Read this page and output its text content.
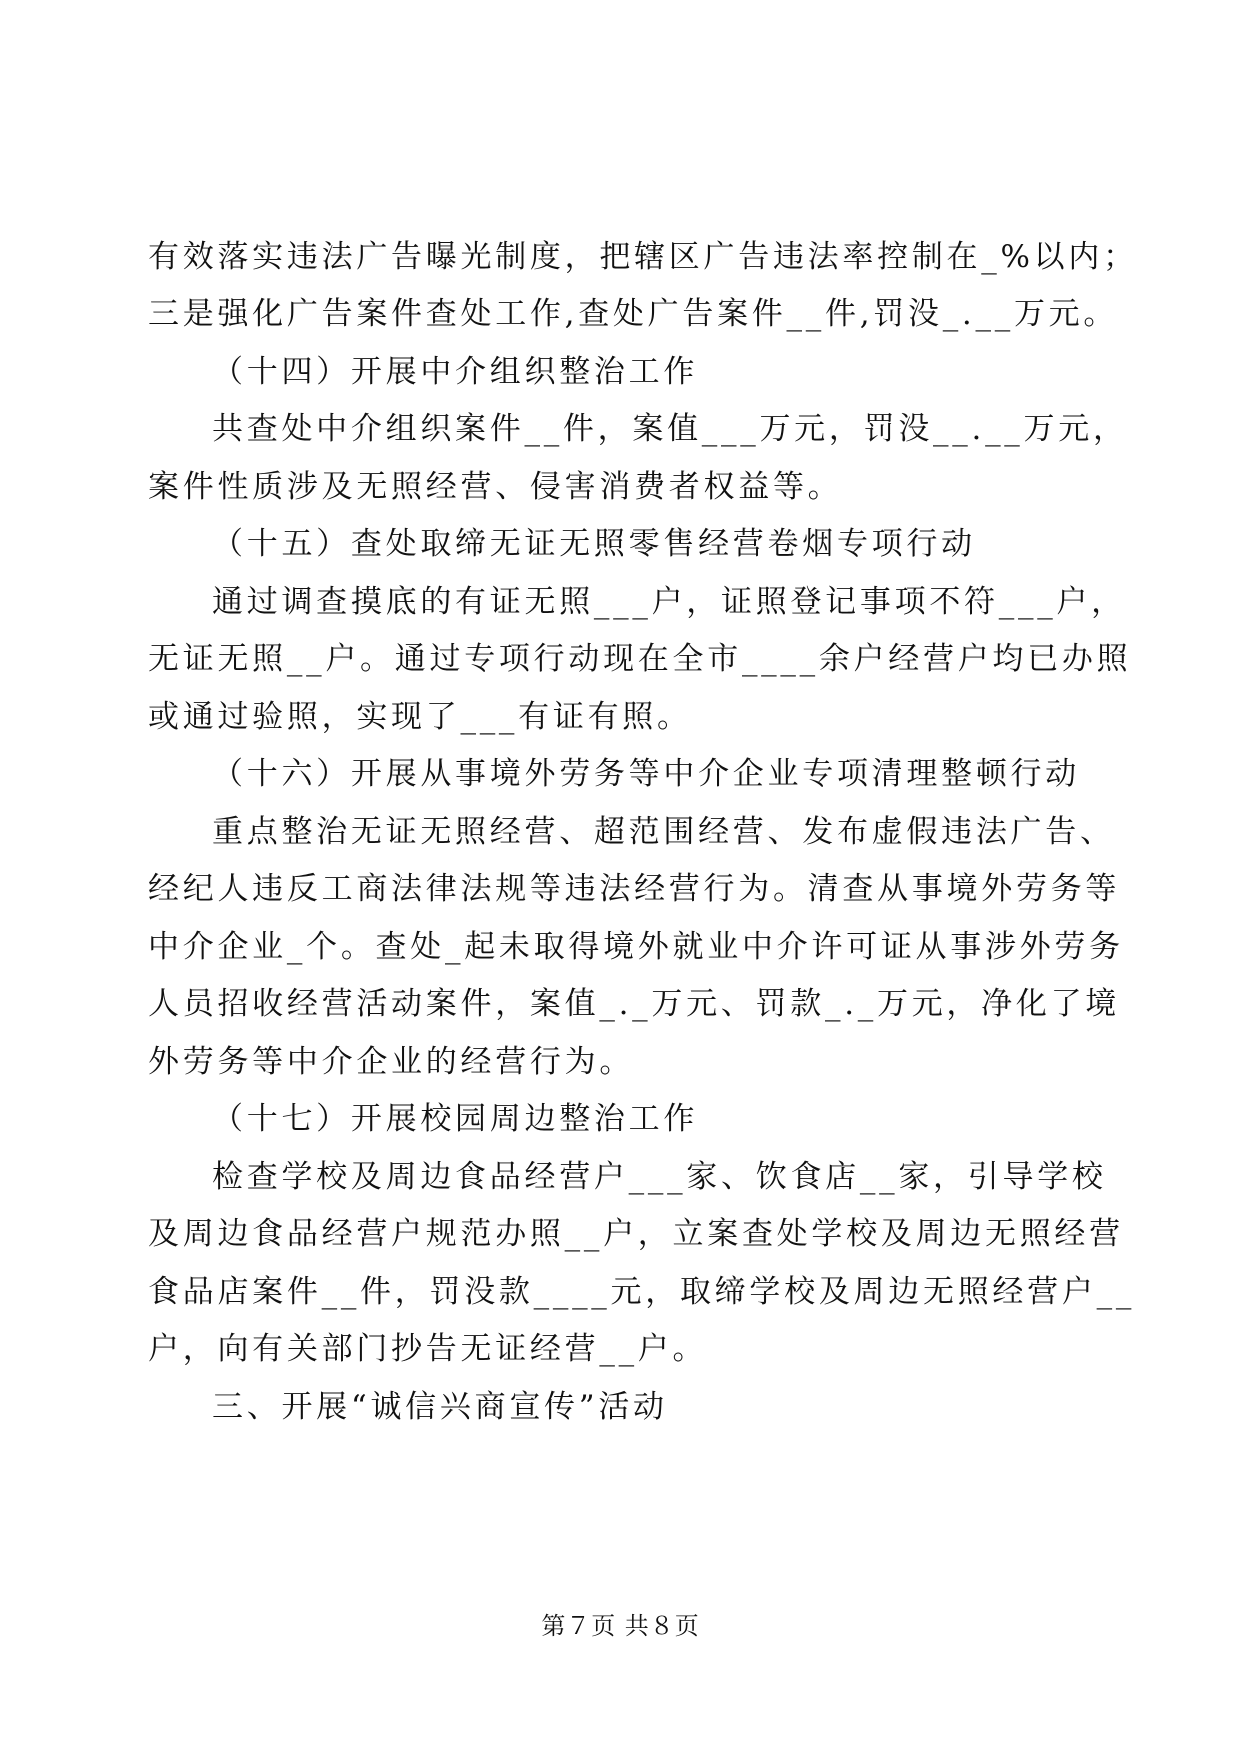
有效落实违法广告曝光制度，把辖区广告违法率控制在_%以内；
三是强化广告案件查处工作,查处广告案件__件,罚没_.__万元。
（十四）开展中介组织整治工作
共查处中介组织案件__件，案值___万元，罚没__.__万元，
案件性质涉及无照经营、侵害消费者权益等。
（十五）查处取缔无证无照零售经营卷烟专项行动
通过调查摸底的有证无照___户，证照登记事项不符___户，
无证无照__户。通过专项行动现在全市____余户经营户均已办照
或通过验照，实现了___有证有照。
（十六）开展从事境外劳务等中介企业专项清理整顿行动
重点整治无证无照经营、超范围经营、发布虚假违法广告、
经纪人违反工商法律法规等违法经营行为。清查从事境外劳务等
中介企业_个。查处_起未取得境外就业中介许可证从事涉外劳务
人员招收经营活动案件，案值_._万元、罚款_._万元，净化了境
外劳务等中介企业的经营行为。
（十七）开展校园周边整治工作
检查学校及周边食品经营户___家、饮食店__家，引导学校
及周边食品经营户规范办照__户，立案查处学校及周边无照经营
食品店案件__件，罚没款____元，取缔学校及周边无照经营户__
户，向有关部门抄告无证经营__户。
三、开展“诚信兴商宣传”活动
第７页 共８页
